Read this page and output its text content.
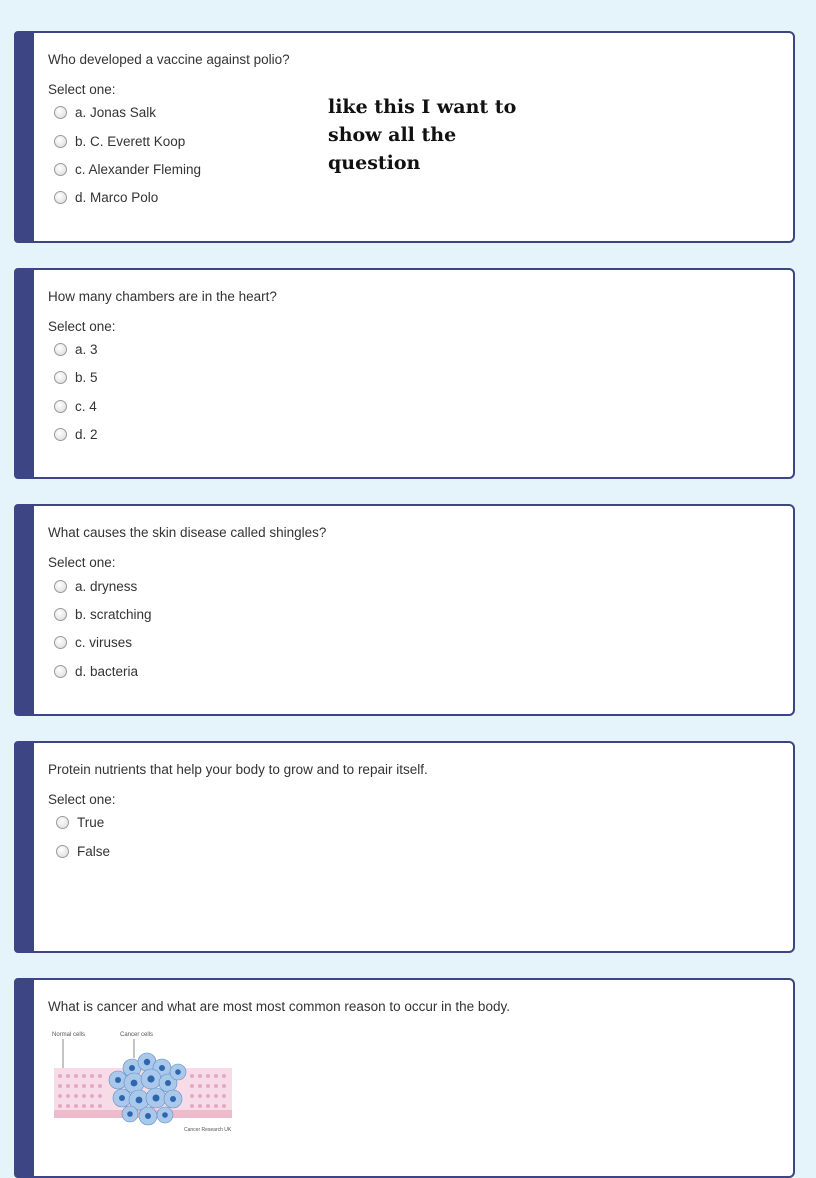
Who developed a vaccine against polio?
Select one:
a. Jonas Salk
b. C. Everett Koop
c. Alexander Fleming
d. Marco Polo
like this I want to
show all the
question
How many chambers are in the heart?
Select one:
a. 3
b. 5
c. 4
d. 2
What causes the skin disease called shingles?
Select one:
a. dryness
b. scratching
c. viruses
d. bacteria
Protein nutrients that help your body to grow and to repair itself.
Select one:
True
False
What is cancer and what are most most common reason to occur in the body.
Normal cells	Cancer cells
Cancer Research UK
